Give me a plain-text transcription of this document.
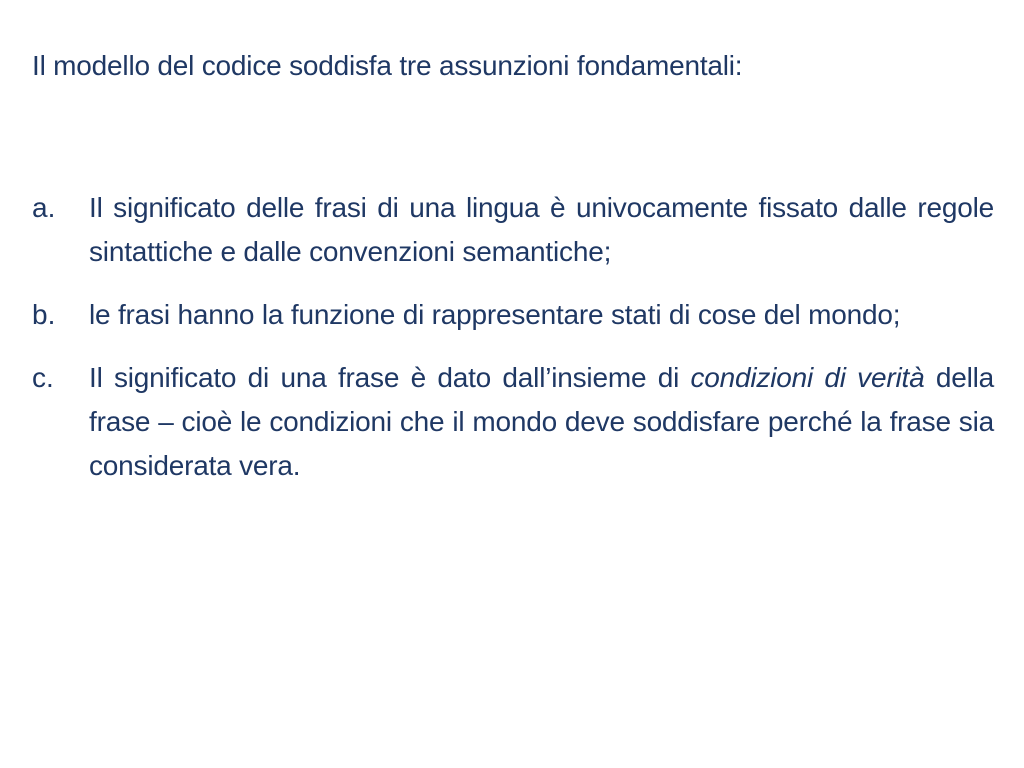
Il modello del codice soddisfa tre assunzioni fondamentali:

a. Il significato delle frasi di una lingua è univocamente fissato dalle regole sintattiche e dalle convenzioni semantiche;
b. le frasi hanno la funzione di rappresentare stati di cose del mondo;
c. Il significato di una frase è dato dall’insieme di condizioni di verità della frase – cioè le condizioni che il mondo deve soddisfare perché la frase sia considerata vera.
